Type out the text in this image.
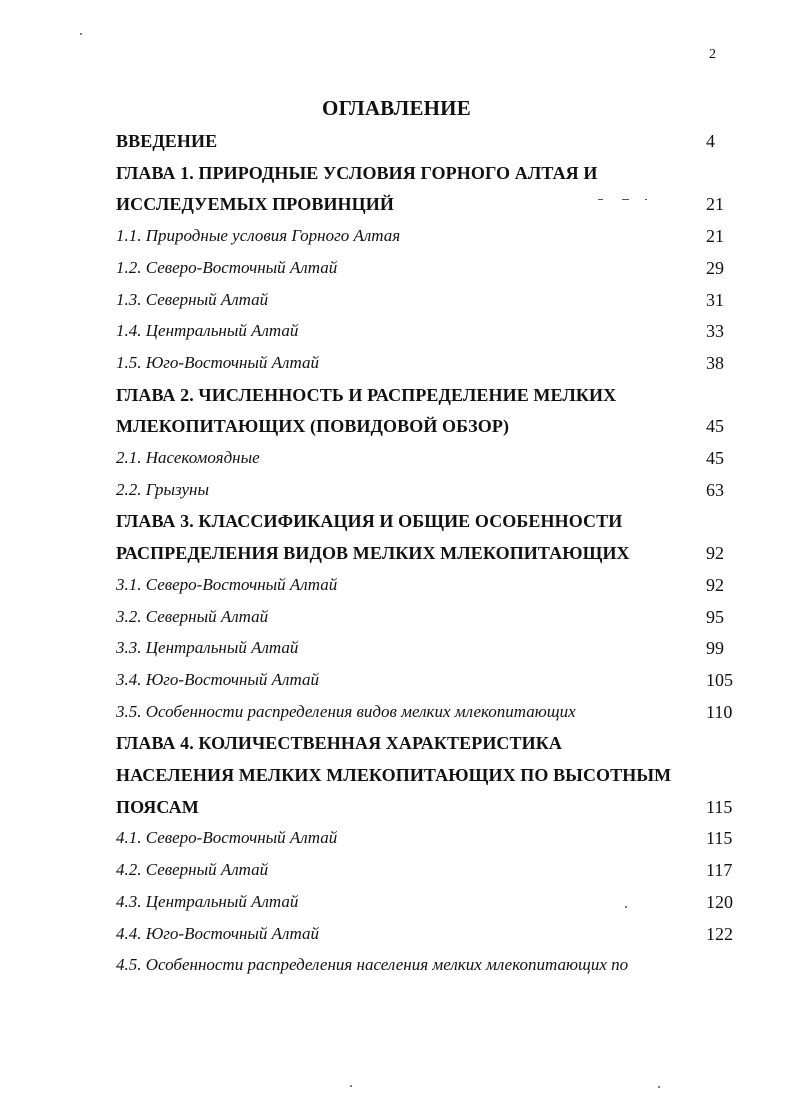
2
ОГЛАВЛЕНИЕ
ВВЕДЕНИЕ	4
ГЛАВА 1. ПРИРОДНЫЕ УСЛОВИЯ ГОРНОГО АЛТАЯ И
ИССЛЕДУЕМЫХ ПРОВИНЦИЙ	21
1.1. Природные условия Горного Алтая	21
1.2. Северо-Восточный Алтай	29
1.3. Северный Алтай	31
1.4. Центральный Алтай	33
1.5. Юго-Восточный Алтай	38
ГЛАВА 2. ЧИСЛЕННОСТЬ И РАСПРЕДЕЛЕНИЕ МЕЛКИХ
МЛЕКОПИТАЮЩИХ (ПОВИДОВОЙ ОБЗОР)	45
2.1. Насекомоядные	45
2.2. Грызуны	63
ГЛАВА 3. КЛАССИФИКАЦИЯ И ОБЩИЕ ОСОБЕННОСТИ
РАСПРЕДЕЛЕНИЯ ВИДОВ МЕЛКИХ МЛЕКОПИТАЮЩИХ	92
3.1. Северо-Восточный Алтай	92
3.2. Северный Алтай	95
3.3. Центральный Алтай	99
3.4. Юго-Восточный Алтай	105
3.5. Особенности распределения видов мелких млекопитающих	110
ГЛАВА 4. КОЛИЧЕСТВЕННАЯ ХАРАКТЕРИСТИКА
НАСЕЛЕНИЯ МЕЛКИХ МЛЕКОПИТАЮЩИХ ПО ВЫСОТНЫМ
ПОЯСАМ	115
4.1. Северо-Восточный Алтай	115
4.2. Северный Алтай	117
4.3. Центральный Алтай	120
4.4. Юго-Восточный Алтай	122
4.5. Особенности распределения населения мелких млекопитающих по
